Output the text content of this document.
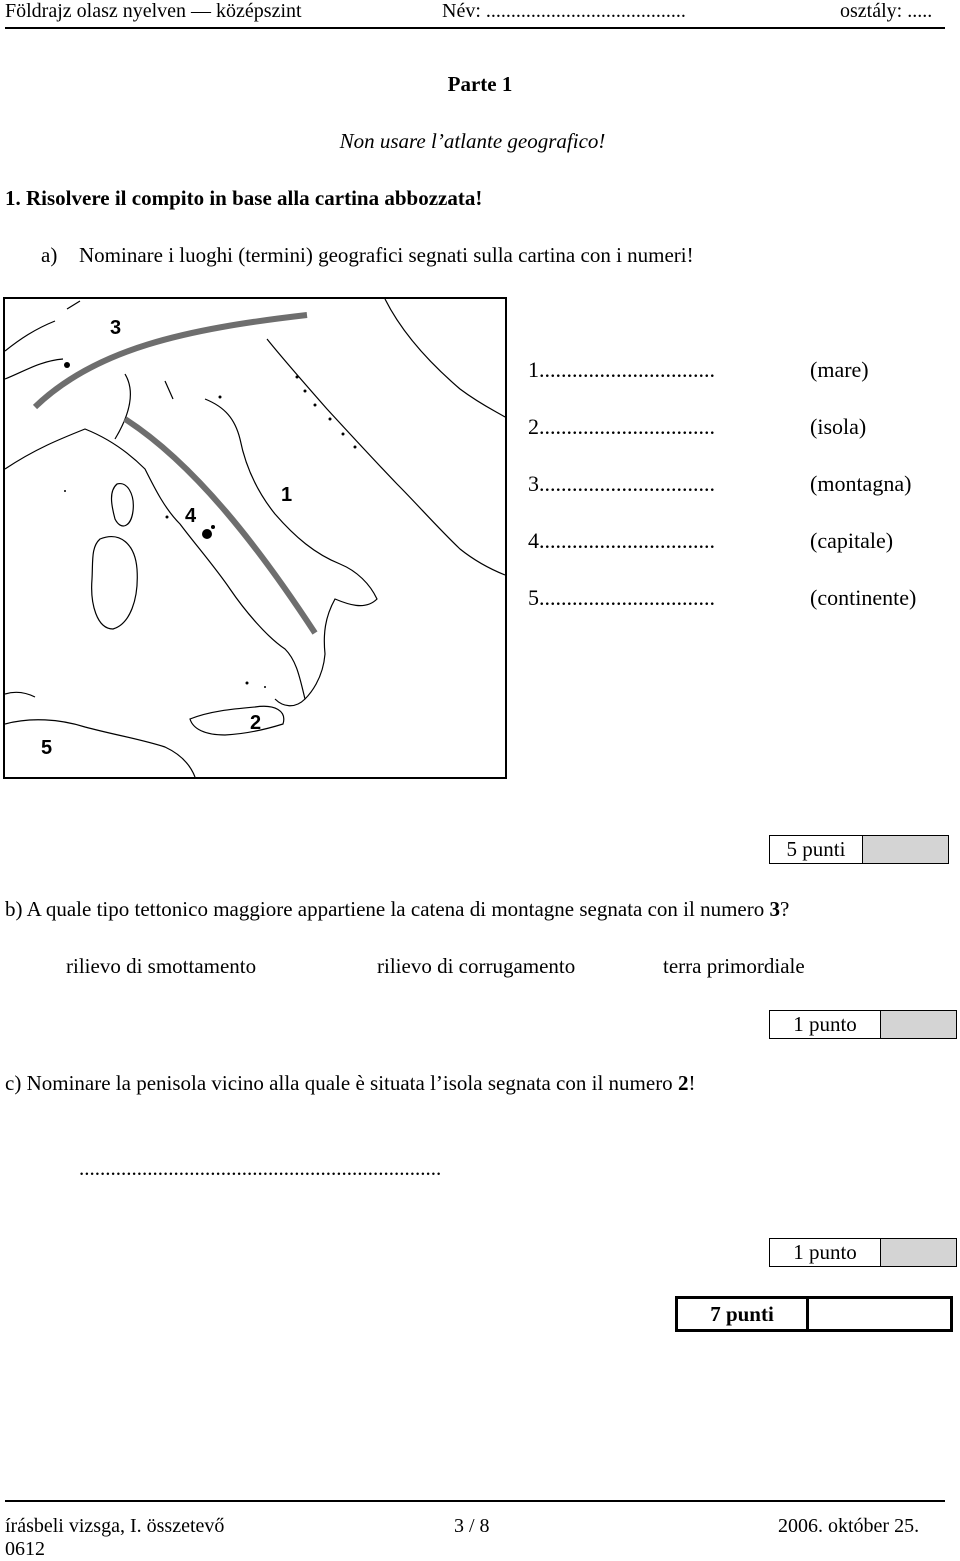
Földrajz olasz nyelven — középszint	Név: ........................................	osztály: .....
Parte 1
Non usare l’atlante geografico!
1. Risolvere il compito in base alla cartina abbozzata!
a) Nominare i luoghi (termini) geografici segnati sulla cartina con i numeri!
3
1
4
2
5
1................................	(mare)
2................................	(isola)
3................................	(montagna)
4................................	(capitale)
5................................	(continente)
5 punti
b) A quale tipo tettonico maggiore appartiene la catena di montagne segnata con il numero 3?
rilievo di smottamento	rilievo di corrugamento	terra primordiale
1 punto
c) Nominare la penisola vicino alla quale è situata l’isola segnata con il numero 2!
.....................................................................
1 punto
7 punti
írásbeli vizsga, I. összetevő	3 / 8	2006. október 25.
0612
